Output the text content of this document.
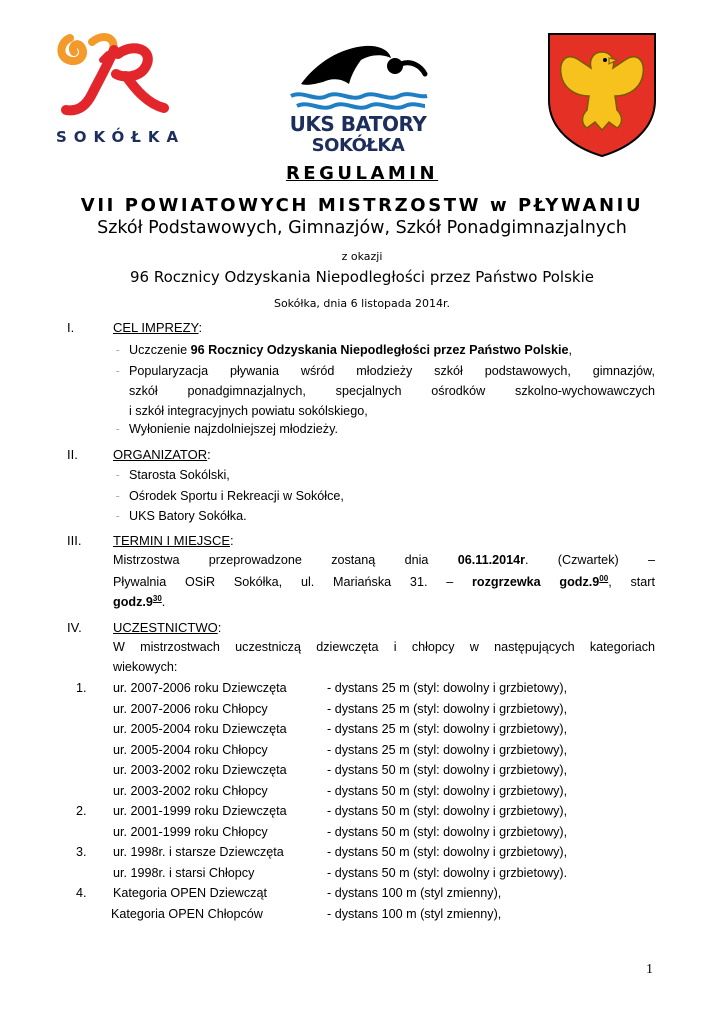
SOKÓŁKA
UKS BATORY
SOKÓŁKA
REGULAMIN
VII POWIATOWYCH MISTRZOSTW w PŁYWANIU
Szkół Podstawowych, Gimnazjów, Szkół Ponadgimnazjalnych
z okazji
96 Rocznicy Odzyskania Niepodległości przez Państwo Polskie
Sokółka, dnia 6 listopada 2014r.
I.	CEL IMPREZY:
– Uczczenie 96 Rocznicy Odzyskania Niepodległości przez Państwo Polskie,
– Popularyzacja pływania wśród młodzieży szkół podstawowych, gimnazjów,
szkół ponadgimnazjalnych, specjalnych ośrodków szkolno-wychowawczych
i szkół integracyjnych powiatu sokólskiego,
– Wyłonienie najzdolniejszej młodzieży.
II.	ORGANIZATOR:
– Starosta Sokólski,
– Ośrodek Sportu i Rekreacji w Sokółce,
– UKS Batory Sokółka.
III. TERMIN I MIEJSCE:
Mistrzostwa przeprowadzone zostaną dnia 06.11.2014r. (Czwartek) –
Pływalnia OSiR Sokółka, ul. Mariańska 31. – rozgrzewka $godz.9^{00}$, start
$godz.9^{30}$.
IV. UCZESTNICTWO:
W mistrzostwach uczestniczą dziewczęta i chłopcy w następujących kategoriach
wiekowych:
1. ur. 2007-2006 roku Dziewczęta	- dystans 25 m (styl: dowolny i grzbietowy),
ur. 2007-2006 roku Chłopcy	- dystans 25 m (styl: dowolny i grzbietowy),
ur. 2005-2004 roku Dziewczęta	- dystans 25 m (styl: dowolny i grzbietowy),
ur. 2005-2004 roku Chłopcy	- dystans 25 m (styl: dowolny i grzbietowy),
ur. 2003-2002 roku Dziewczęta	- dystans 50 m (styl: dowolny i grzbietowy),
ur. 2003-2002 roku Chłopcy	- dystans 50 m (styl: dowolny i grzbietowy),
2. ur. 2001-1999 roku Dziewczęta	- dystans 50 m (styl: dowolny i grzbietowy),
ur. 2001-1999 roku Chłopcy	- dystans 50 m (styl: dowolny i grzbietowy),
3. ur. 1998r. i starsze Dziewczęta	- dystans 50 m (styl: dowolny i grzbietowy),
ur. 1998r. i starsi Chłopcy	- dystans 50 m (styl: dowolny i grzbietowy).
4. Kategoria OPEN Dziewcząt	- dystans 100 m (styl zmienny),
Kategoria OPEN Chłopców	- dystans 100 m (styl zmienny),
1
